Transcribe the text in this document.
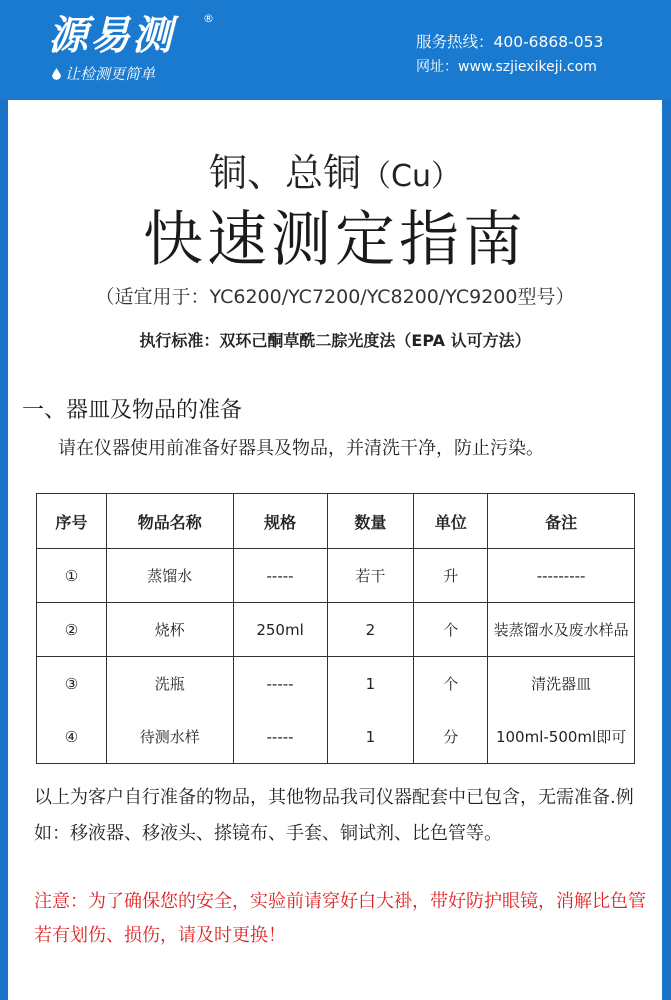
源易测	®
让检测更简单
服务热线：400-6868-053
网址：www.szjiexikeji.com
铜、总铜（Cu）
快速测定指南
（适宜用于：YC6200/YC7200/YC8200/YC9200型号）
执行标准：双环己酮草酰二腙光度法（EPA 认可方法）
一、器皿及物品的准备
请在仪器使用前准备好器具及物品，并清洗干净，防止污染。
序号	物品名称	规格	数量	单位	备注
①	蒸馏水	-----	若干	升	---------
②	烧杯	250ml	2	个	装蒸馏水及废水样品
③	洗瓶	-----	1	个	清洗器皿
④	待测水样	-----	1	分	100ml-500ml即可
以上为客户自行准备的物品，其他物品我司仪器配套中已包含，无需准备.例如：移液器、移液头、搽镜布、手套、铜试剂、比色管等。
注意：为了确保您的安全，实验前请穿好白大褂，带好防护眼镜，消解比色管若有划伤、损伤，请及时更换！
